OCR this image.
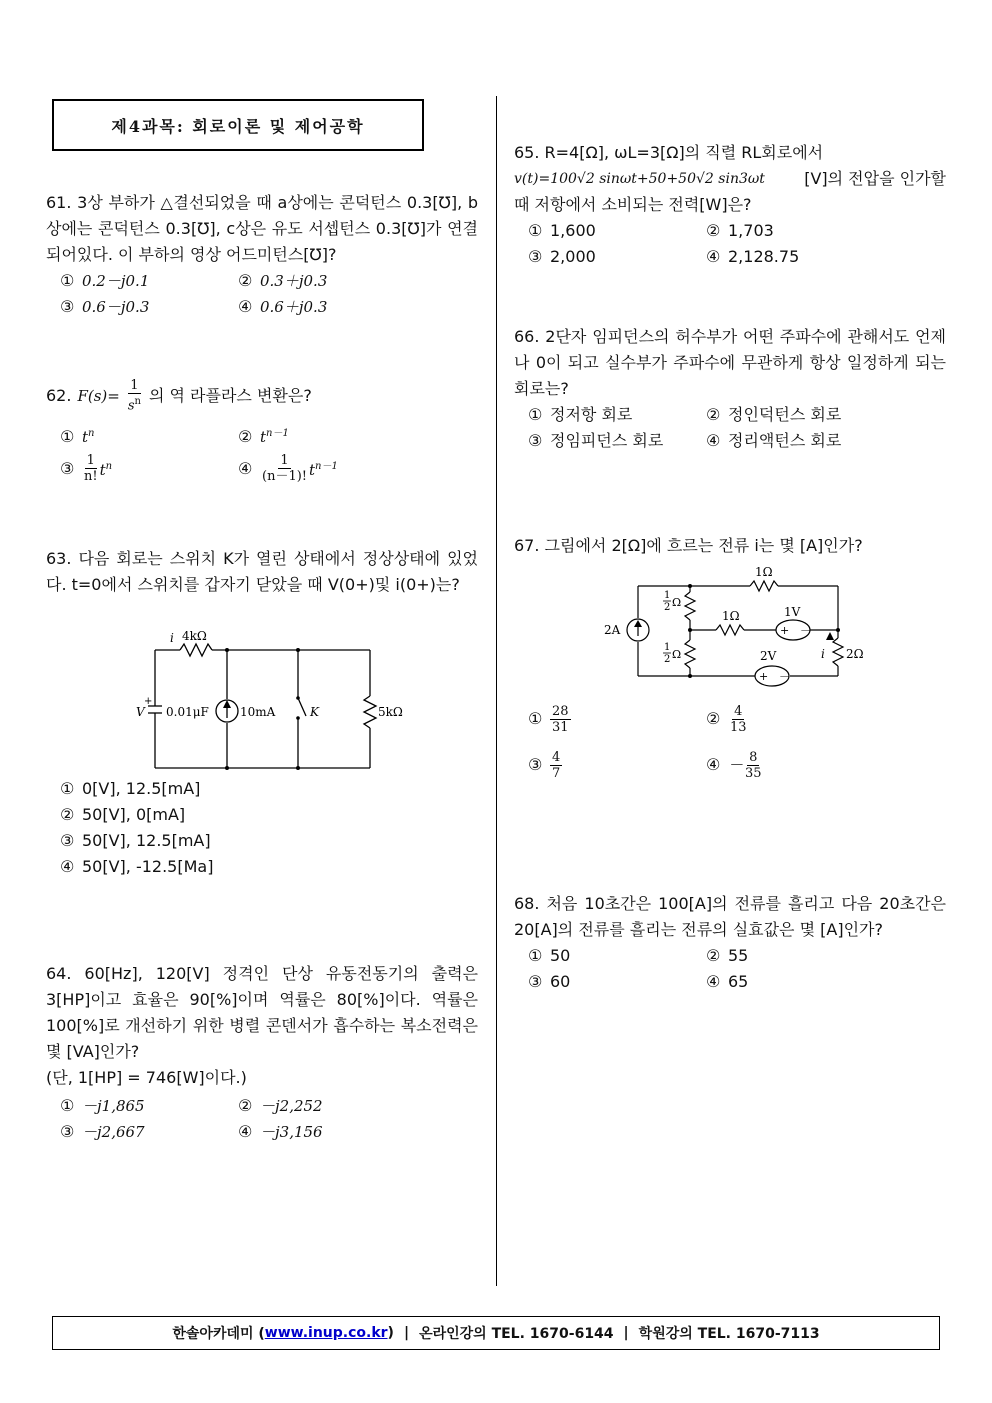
제4과목: 회로이론 및 제어공학

61. 3상 부하가 △결선되었을 때 a상에는 콘덕턴스 0.3[℧], b상에는 콘덕턴스 0.3[℧], c상은 유도 서셉턴스 0.3[℧]가 연결되어있다. 이 부하의 영상 어드미턴스[℧]?

① 0.2－j0.1	② 0.3＋j0.3
③ 0.6－j0.3	④ 0.6＋j0.3
62. $F(s)= \frac{1}{s^n}$ 의 역 라플라스 변환은?
① $t^n$	② $t^{n-1}$
③ $\frac{1}{n!} t^n$	④ $\frac{1}{(n-1)!} t^{n-1}$

63. 다음 회로는 스위치 K가 열린 상태에서 정상상태에 있었다. t=0에서 스위치를 갑자기 닫았을 때 V(0+)및 i(0+)는?

i 4kΩ
V
+
0.01μF	10mA	K	5kΩ
① 0[V], 12.5[mA]
② 50[V], 0[mA]
③ 50[V], 12.5[mA]
④ 50[V], -12.5[Ma]

64. 60[Hz], 120[V] 정격인 단상 유동전동기의 출력은 3[HP]이고 효율은 90[%]이며 역률은 80[%]이다. 역률은 100[%]로 개선하기 위한 병렬 콘덴서가 흡수하는 복소전력은 몇 [VA]인가?

(단, 1[HP] = 746[W]이다.)

① －j1,865	② －j2,252
③ －j2,667	④ －j3,156

65. R=4[Ω], ωL=3[Ω]의 직렬 RL회로에서

v(t)=100√2 sinωt+50+50√2 sin3ωt [V]의 전압을 인가할

때 저항에서 소비되는 전력[W]은?

① 1,600	② 1,703
③ 2,000	④ 2,128.75

66. 2단자 임피던스의 허수부가 어떤 주파수에 관해서도 언제나 0이 되고 실수부가 주파수에 무관하게 항상 일정하게 되는 회로는?

① 정저항 회로	② 정인덕턴스 회로
③ 정임피던스 회로	④ 정리액턴스 회로

67. 그림에서 2[Ω]에 흐르는 전류 i는 몇 [A]인가?

1Ω
1
2 Ω
1
2 Ω
1Ω	1V
+ －
2A
2V
+ －
i 2Ω
① $\frac{28}{31}$	② $\frac{4}{13}$
③ $\frac{4}{7}$	④ － $\frac{8}{35}$

68. 처음 10초간은 100[A]의 전류를 흘리고 다음 20초간은 20[A]의 전류를 흘리는 전류의 실효값은 몇 [A]인가?

① 50	② 55
③ 60	④ 65
한솔아카데미 ( www.inup.co.kr ) | 온라인강의 TEL. 1670-6144 | 학원강의 TEL. 1670-7113
